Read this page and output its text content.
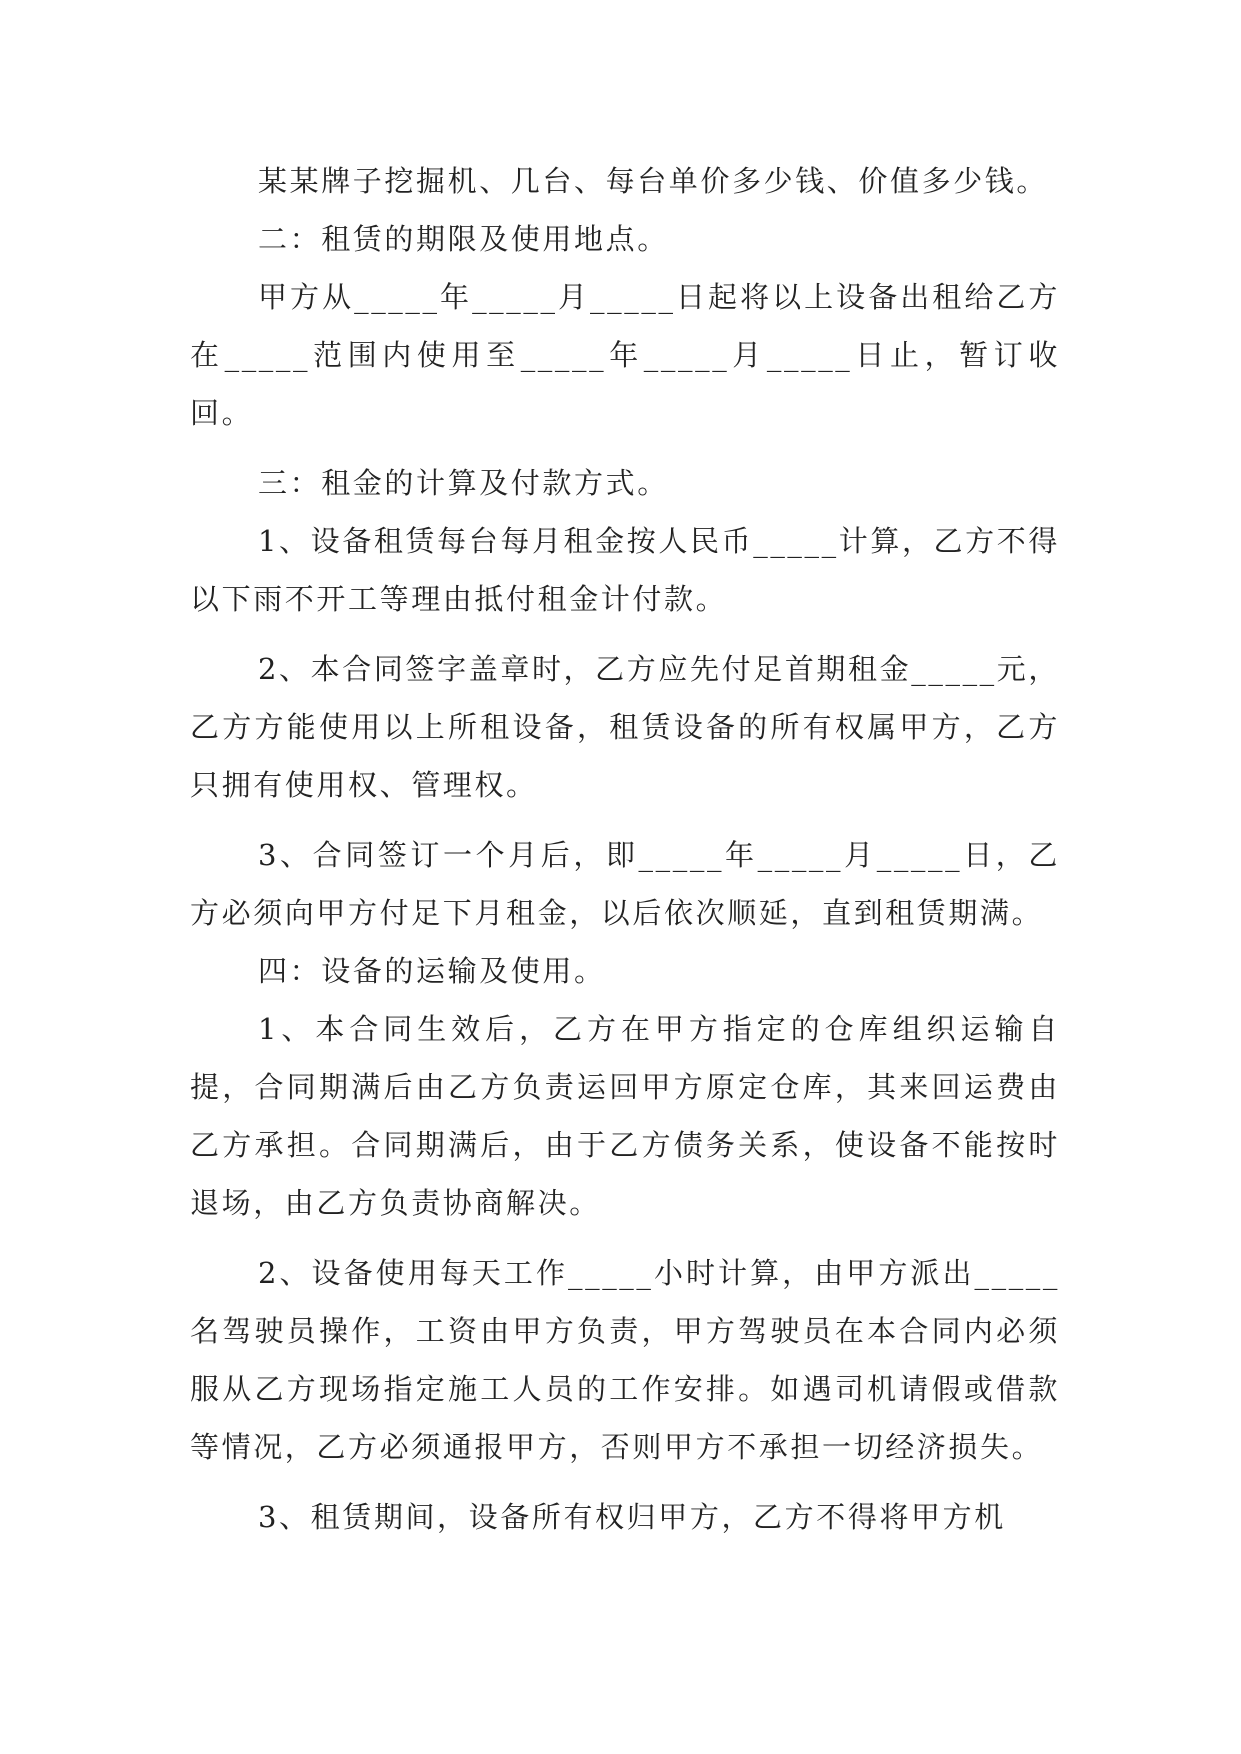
某某牌子挖掘机、几台、每台单价多少钱、价值多少钱。

二：租赁的期限及使用地点。

甲方从_____年_____月_____日起将以上设备出租给乙方在_____范围内使用至_____年_____月_____日止，暂订收回。

三：租金的计算及付款方式。

1、设备租赁每台每月租金按人民币_____计算，乙方不得以下雨不开工等理由抵付租金计付款。

2、本合同签字盖章时，乙方应先付足首期租金_____元，乙方方能使用以上所租设备，租赁设备的所有权属甲方，乙方只拥有使用权、管理权。

3、合同签订一个月后，即_____年_____月_____日，乙方必须向甲方付足下月租金，以后依次顺延，直到租赁期满。

四：设备的运输及使用。

1、本合同生效后，乙方在甲方指定的仓库组织运输自提，合同期满后由乙方负责运回甲方原定仓库，其来回运费由乙方承担。合同期满后，由于乙方债务关系，使设备不能按时退场，由乙方负责协商解决。

2、设备使用每天工作_____小时计算，由甲方派出_____名驾驶员操作，工资由甲方负责，甲方驾驶员在本合同内必须服从乙方现场指定施工人员的工作安排。如遇司机请假或借款等情况，乙方必须通报甲方，否则甲方不承担一切经济损失。

3、租赁期间，设备所有权归甲方，乙方不得将甲方机
